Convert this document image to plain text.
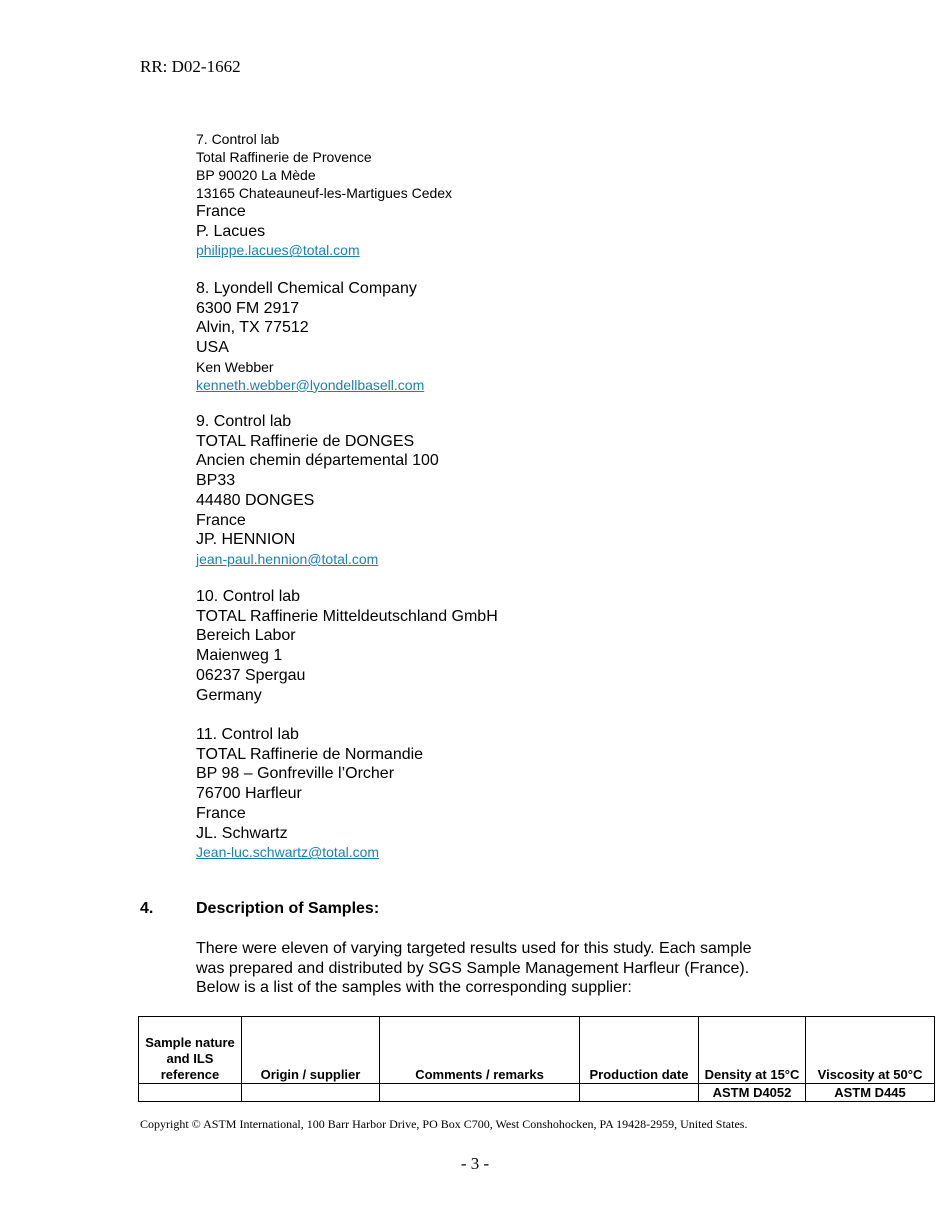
RR: D02-1662
7. Control lab
Total Raffinerie de Provence
BP 90020 La Mède
13165 Chateauneuf-les-Martigues Cedex
France
P. Lacues
philippe.lacues@total.com
8. Lyondell Chemical Company
6300 FM 2917
Alvin, TX 77512
USA
Ken Webber
kenneth.webber@lyondellbasell.com
9. Control lab
TOTAL Raffinerie de DONGES
Ancien chemin départemental 100
BP33
44480 DONGES
France
JP. HENNION
jean-paul.hennion@total.com
10. Control lab
TOTAL Raffinerie Mitteldeutschland GmbH
Bereich Labor
Maienweg 1
06237 Spergau
Germany
11. Control lab
TOTAL Raffinerie de Normandie
BP 98 – Gonfreville l’Orcher
76700 Harfleur
France
JL. Schwartz
Jean-luc.schwartz@total.com
4.	Description of Samples:
There were eleven of varying targeted results used for this study. Each sample
was prepared and distributed by SGS Sample Management Harfleur (France).
Below is a list of the samples with the corresponding supplier:
Sample nature and ILS reference	Origin / supplier	Comments / remarks	Production date	Density at 15°C	Viscosity at 50°C
				ASTM D4052	ASTM D445
Copyright © ASTM International, 100 Barr Harbor Drive, PO Box C700, West Conshohocken, PA 19428-2959, United States.
- 3 -
